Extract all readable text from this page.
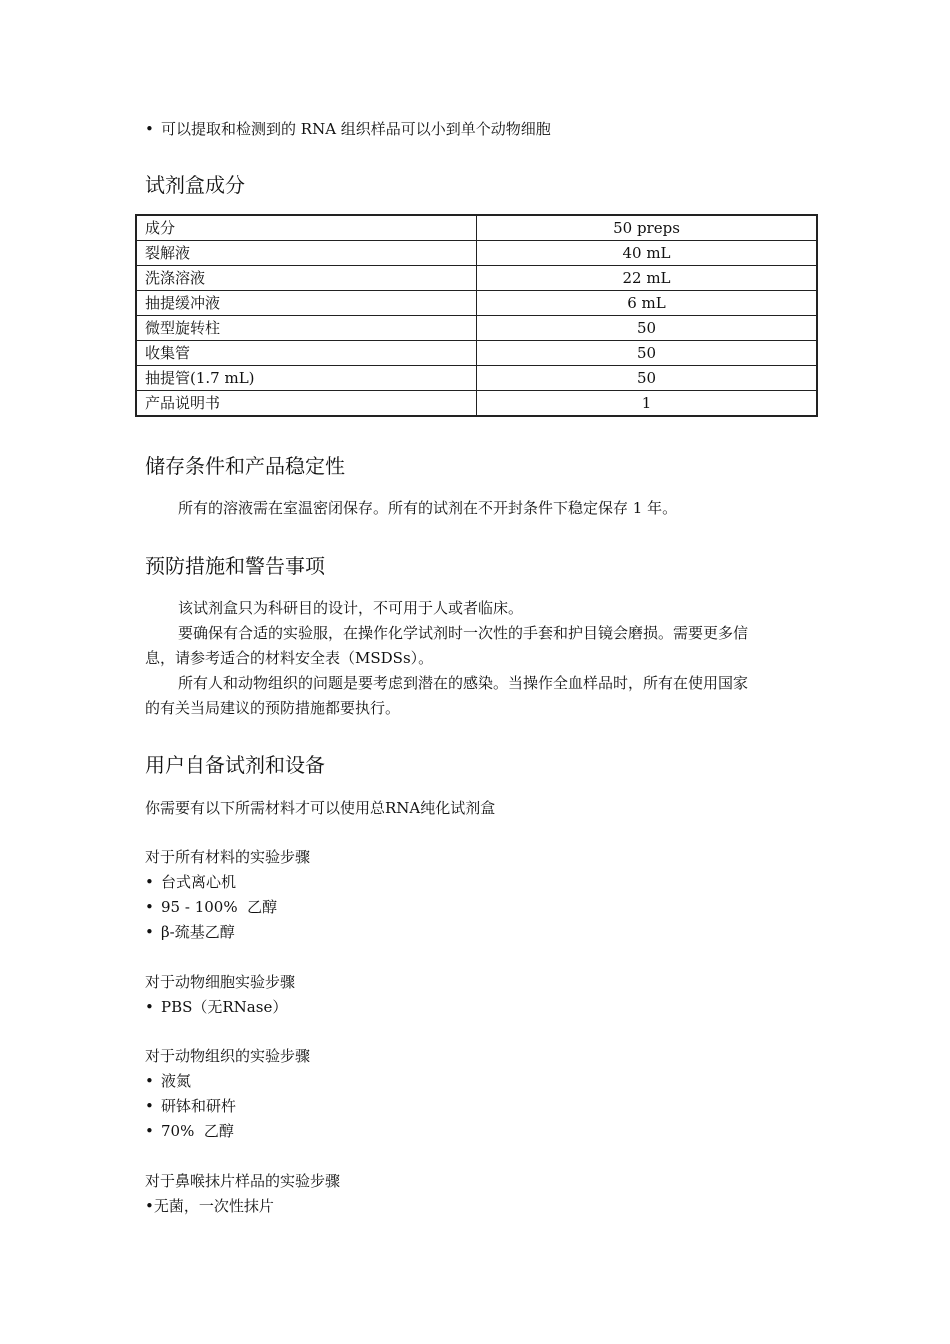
• 可以提取和检测到的 RNA 组织样品可以小到单个动物细胞
试剂盒成分
成分	50 preps
裂解液	40 mL
洗涤溶液	22 mL
抽提缓冲液	6 mL
微型旋转柱	50
收集管	50
抽提管(1.7 mL)	50
产品说明书	1
储存条件和产品稳定性
所有的溶液需在室温密闭保存。所有的试剂在不开封条件下稳定保存 1 年。
预防措施和警告事项
该试剂盒只为科研目的设计，不可用于人或者临床。
要确保有合适的实验服，在操作化学试剂时一次性的手套和护目镜会磨损。需要更多信
息，请参考适合的材料安全表（MSDSs）。
所有人和动物组织的问题是要考虑到潜在的感染。当操作全血样品时，所有在使用国家
的有关当局建议的预防措施都要执行。
用户自备试剂和设备
你需要有以下所需材料才可以使用总RNA纯化试剂盒
对于所有材料的实验步骤
• 台式离心机
• 95 - 100%  乙醇
• β-巯基乙醇
对于动物细胞实验步骤
• PBS（无RNase）
对于动物组织的实验步骤
• 液氮
• 研钵和研杵
• 70%  乙醇
对于鼻喉抹片样品的实验步骤
•无菌，一次性抹片
